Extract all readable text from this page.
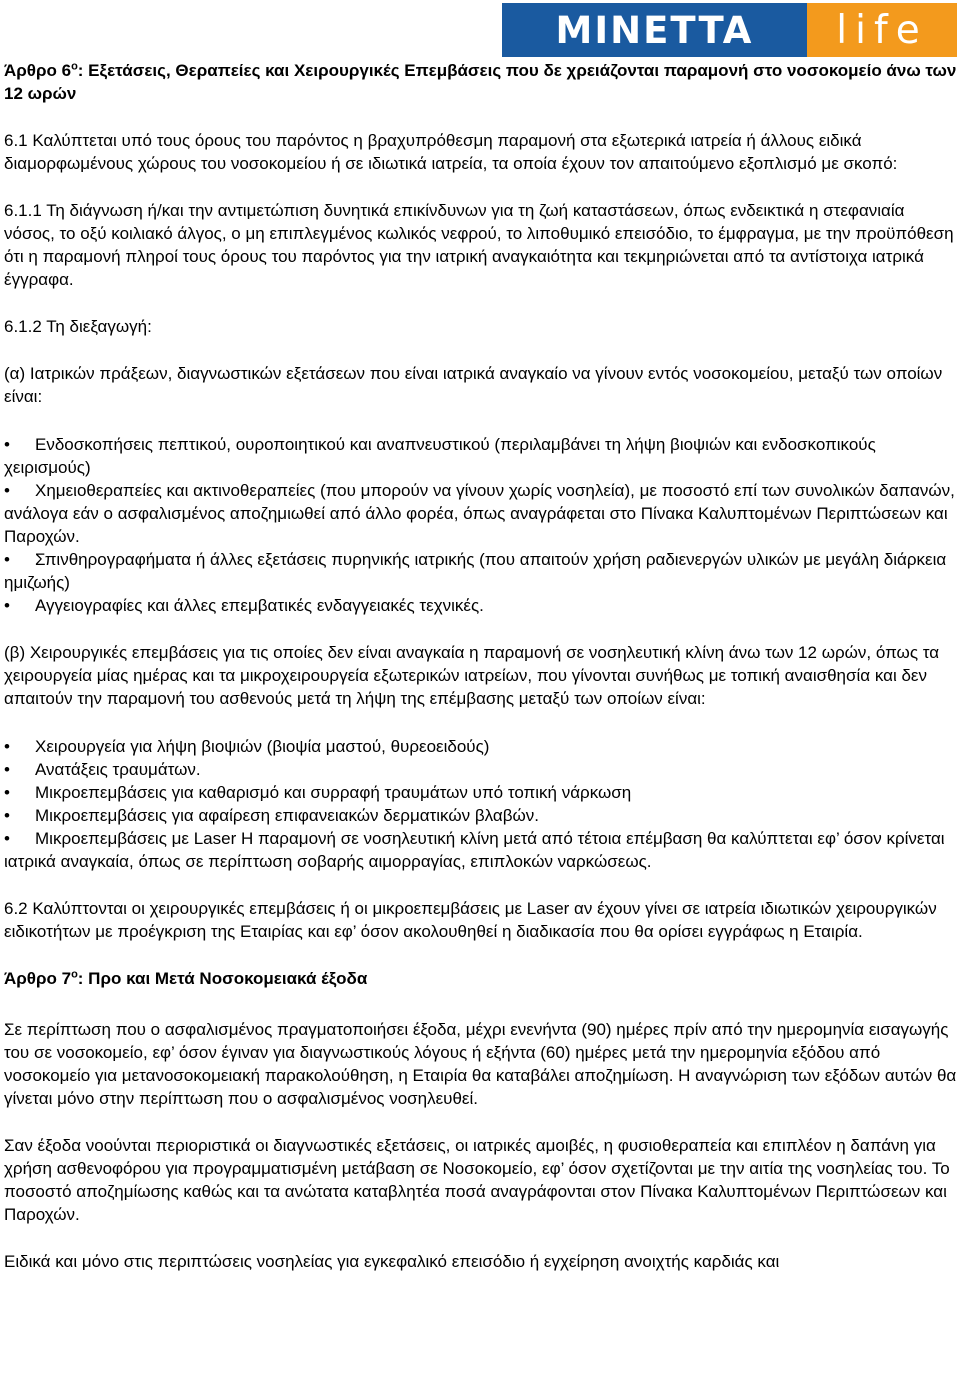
MINETTA	life

Άρθρο $6^o$: Εξετάσεις, Θεραπείες και Χειρουργικές Επεμβάσεις που δε χρειάζονται παραμονή στο νοσοκομείο άνω των 12 ωρών

6.1 Καλύπτεται υπό τους όρους του παρόντος η βραχυπρόθεσμη παραμονή στα εξωτερικά ιατρεία ή άλλους ειδικά διαμορφωμένους χώρους του νοσοκομείου ή σε ιδιωτικά ιατρεία, τα οποία έχουν τον απαιτούμενο εξοπλισμό με σκοπό:

6.1.1 Τη διάγνωση ή/και την αντιμετώπιση δυνητικά επικίνδυνων για τη ζωή καταστάσεων, όπως ενδεικτικά η στεφανιαία νόσος, το οξύ κοιλιακό άλγος, ο μη επιπλεγμένος κωλικός νεφρού, το λιποθυμικό επεισόδιο, το έμφραγμα, με την προϋπόθεση ότι η παραμονή πληροί τους όρους του παρόντος για την ιατρική αναγκαιότητα και τεκμηριώνεται από τα αντίστοιχα ιατρικά έγγραφα.

6.1.2 Τη διεξαγωγή:

(α) Ιατρικών πράξεων, διαγνωστικών εξετάσεων που είναι ιατρικά αναγκαίο να γίνουν εντός νοσοκομείου, μεταξύ των οποίων είναι:

• Ενδοσκοπήσεις πεπτικού, ουροποιητικού και αναπνευστικού (περιλαμβάνει τη λήψη βιοψιών και ενδοσκοπικούς χειρισμούς)

• Χημειοθεραπείες και ακτινοθεραπείες (που μπορούν να γίνουν χωρίς νοσηλεία), με ποσοστό επί των συνολικών δαπανών, ανάλογα εάν ο ασφαλισμένος αποζημιωθεί από άλλο φορέα, όπως αναγράφεται στο Πίνακα Καλυπτομένων Περιπτώσεων και Παροχών.

• Σπινθηρογραφήματα ή άλλες εξετάσεις πυρηνικής ιατρικής (που απαιτούν χρήση ραδιενεργών υλικών με μεγάλη διάρκεια ημιζωής)

• Αγγειογραφίες και άλλες επεμβατικές ενδαγγειακές τεχνικές.

(β) Χειρουργικές επεμβάσεις για τις οποίες δεν είναι αναγκαία η παραμονή σε νοσηλευτική κλίνη άνω των 12 ωρών, όπως τα χειρουργεία μίας ημέρας και τα μικροχειρουργεία εξωτερικών ιατρείων, που γίνονται συνήθως με τοπική αναισθησία και δεν απαιτούν την παραμονή του ασθενούς μετά τη λήψη της επέμβασης μεταξύ των οποίων είναι:

• Χειρουργεία για λήψη βιοψιών (βιοψία μαστού, θυρεοειδούς)

• Ανατάξεις τραυμάτων.

• Μικροεπεμβάσεις για καθαρισμό και συρραφή τραυμάτων υπό τοπική νάρκωση

• Μικροεπεμβάσεις για αφαίρεση επιφανειακών δερματικών βλαβών.

• Μικροεπεμβάσεις με Laser Η παραμονή σε νοσηλευτική κλίνη μετά από τέτοια επέμβαση θα καλύπτεται εφ’ όσον κρίνεται ιατρικά αναγκαία, όπως σε περίπτωση σοβαρής αιμορραγίας, επιπλοκών ναρκώσεως.

6.2 Καλύπτονται οι χειρουργικές επεμβάσεις ή οι μικροεπεμβάσεις με Laser αν έχουν γίνει σε ιατρεία ιδιωτικών χειρουργικών ειδικοτήτων με προέγκριση της Εταιρίας και εφ’ όσον ακολουθηθεί η διαδικασία που θα ορίσει εγγράφως η Εταιρία.

Άρθρο $7^o$: Προ και Μετά Νοσοκομειακά έξοδα

Σε περίπτωση που ο ασφαλισμένος πραγματοποιήσει έξοδα, μέχρι ενενήντα (90) ημέρες πρίν από την ημερομηνία εισαγωγής του σε νοσοκομείο, εφ’ όσον έγιναν για διαγνωστικούς λόγους ή εξήντα (60) ημέρες μετά την ημερομηνία εξόδου από νοσοκομείο για μετανοσοκομειακή παρακολούθηση, η Εταιρία θα καταβάλει αποζημίωση. Η αναγνώριση των εξόδων αυτών θα γίνεται μόνο στην περίπτωση που ο ασφαλισμένος νοσηλευθεί.

Σαν έξοδα νοούνται περιοριστικά οι διαγνωστικές εξετάσεις, οι ιατρικές αμοιβές, η φυσιοθεραπεία και επιπλέον η δαπάνη για χρήση ασθενοφόρου για προγραμματισμένη μετάβαση σε Νοσοκομείο, εφ’ όσον σχετίζονται με την αιτία της νοσηλείας του. Το ποσοστό αποζημίωσης καθώς και τα ανώτατα καταβλητέα ποσά αναγράφονται στον Πίνακα Καλυπτομένων Περιπτώσεων και Παροχών.

Ειδικά και μόνο στις περιπτώσεις νοσηλείας για εγκεφαλικό επεισόδιο ή εγχείρηση ανοιχτής καρδιάς και
